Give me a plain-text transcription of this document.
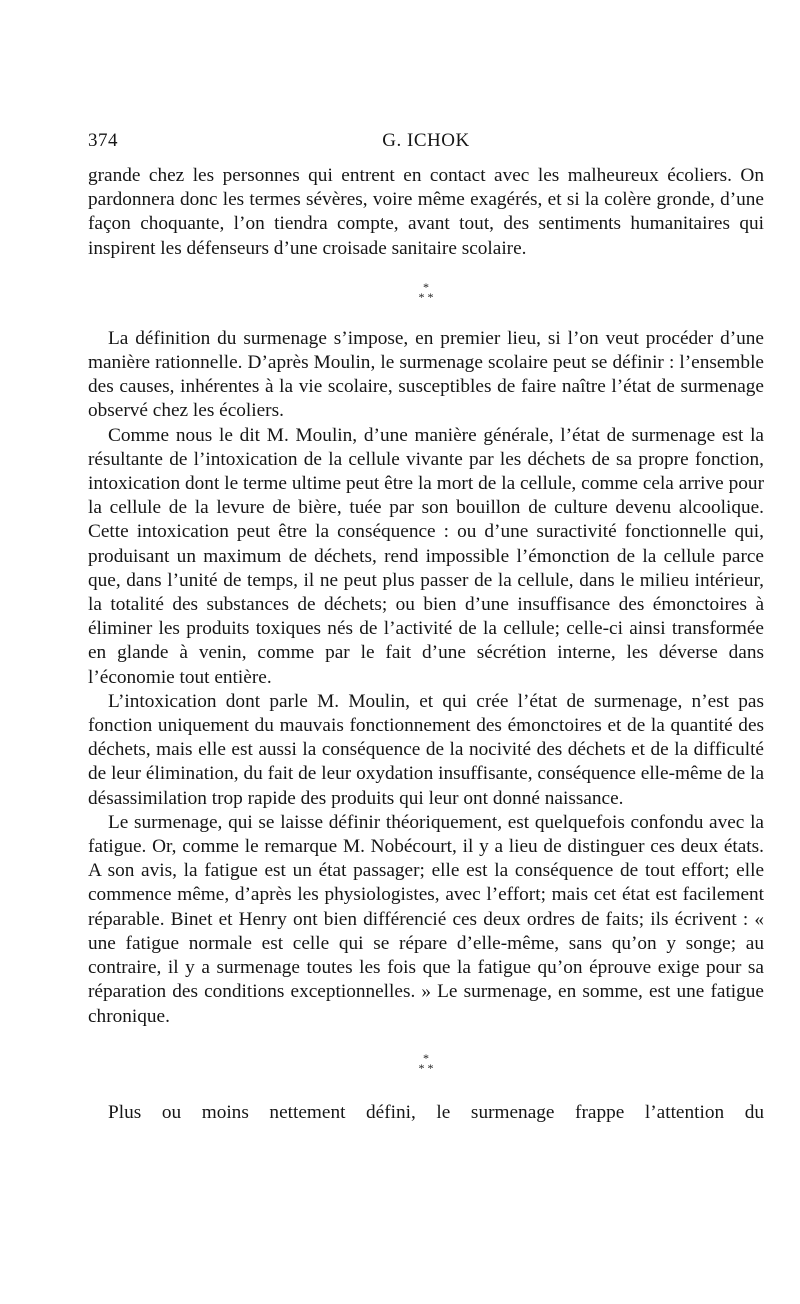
374	G. ICHOK

grande chez les personnes qui entrent en contact avec les malheureux écoliers. On pardonnera donc les termes sévères, voire même exagérés, et si la colère gronde, d’une façon choquante, l’on tiendra compte, avant tout, des sentiments humanitaires qui inspirent les défenseurs d’une croisade sanitaire scolaire.

*
* *

La définition du surmenage s’impose, en premier lieu, si l’on veut procéder d’une manière rationnelle. D’après Moulin, le surmenage scolaire peut se définir : l’ensemble des causes, inhérentes à la vie scolaire, susceptibles de faire naître l’état de surmenage observé chez les écoliers.

Comme nous le dit M. Moulin, d’une manière générale, l’état de surmenage est la résultante de l’intoxication de la cellule vivante par les déchets de sa propre fonction, intoxication dont le terme ultime peut être la mort de la cellule, comme cela arrive pour la cellule de la levure de bière, tuée par son bouillon de culture devenu alcoolique. Cette intoxication peut être la conséquence : ou d’une suractivité fonctionnelle qui, produisant un maximum de déchets, rend impossible l’émonction de la cellule parce que, dans l’unité de temps, il ne peut plus passer de la cellule, dans le milieu intérieur, la totalité des substances de déchets; ou bien d’une insuffisance des émonctoires à éliminer les produits toxiques nés de l’activité de la cellule; celle-ci ainsi transformée en glande à venin, comme par le fait d’une sécrétion interne, les déverse dans l’économie tout entière.

L’intoxication dont parle M. Moulin, et qui crée l’état de surmenage, n’est pas fonction uniquement du mauvais fonctionnement des émonctoires et de la quantité des déchets, mais elle est aussi la conséquence de la nocivité des déchets et de la difficulté de leur élimination, du fait de leur oxydation insuffisante, conséquence elle-même de la désassimilation trop rapide des produits qui leur ont donné naissance.

Le surmenage, qui se laisse définir théoriquement, est quelquefois confondu avec la fatigue. Or, comme le remarque M. Nobécourt, il y a lieu de distinguer ces deux états. A son avis, la fatigue est un état passager; elle est la conséquence de tout effort; elle commence même, d’après les physiologistes, avec l’effort; mais cet état est facilement réparable. Binet et Henry ont bien différencié ces deux ordres de faits; ils écrivent : « une fatigue normale est celle qui se répare d’elle-même, sans qu’on y songe; au contraire, il y a surmenage toutes les fois que la fatigue qu’on éprouve exige pour sa réparation des conditions exceptionnelles. » Le surmenage, en somme, est une fatigue chronique.

*
* *

Plus ou moins nettement défini, le surmenage frappe l’attention du
